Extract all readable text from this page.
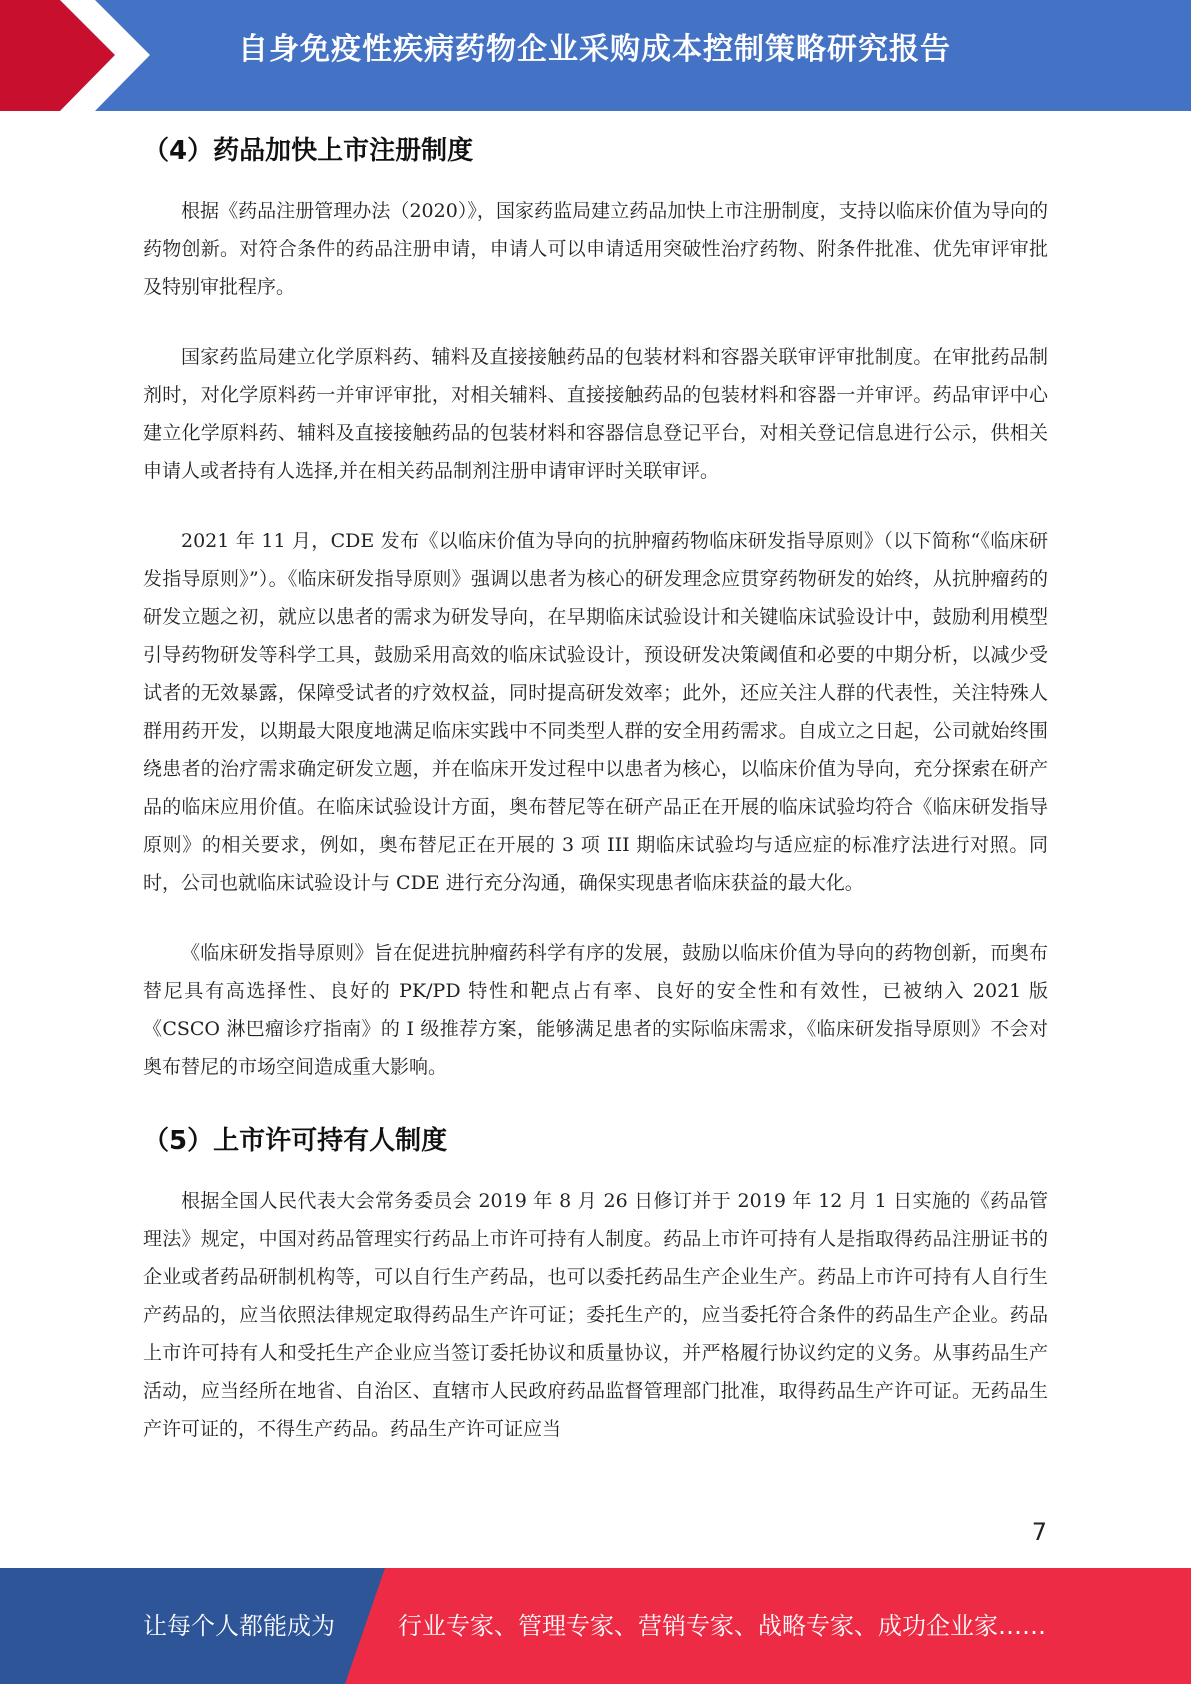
自身免疫性疾病药物企业采购成本控制策略研究报告
（4）药品加快上市注册制度

根据《药品注册管理办法（2020）》，国家药监局建立药品加快上市注册制度，支持以临床价值为导向的药物创新。对符合条件的药品注册申请，申请人可以申请适用突破性治疗药物、附条件批准、优先审评审批及特别审批程序。

国家药监局建立化学原料药、辅料及直接接触药品的包装材料和容器关联审评审批制度。在审批药品制剂时，对化学原料药一并审评审批，对相关辅料、直接接触药品的包装材料和容器一并审评。药品审评中心建立化学原料药、辅料及直接接触药品的包装材料和容器信息登记平台，对相关登记信息进行公示，供相关申请人或者持有人选择,并在相关药品制剂注册申请审评时关联审评。

2021 年 11 月，CDE 发布《以临床价值为导向的抗肿瘤药物临床研发指导原则》（以下简称“《临床研发指导原则》”）。《临床研发指导原则》强调以患者为核心的研发理念应贯穿药物研发的始终，从抗肿瘤药的研发立题之初，就应以患者的需求为研发导向，在早期临床试验设计和关键临床试验设计中，鼓励利用模型引导药物研发等科学工具，鼓励采用高效的临床试验设计，预设研发决策阈值和必要的中期分析，以减少受试者的无效暴露，保障受试者的疗效权益，同时提高研发效率；此外，还应关注人群的代表性，关注特殊人群用药开发，以期最大限度地满足临床实践中不同类型人群的安全用药需求。自成立之日起，公司就始终围绕患者的治疗需求确定研发立题，并在临床开发过程中以患者为核心，以临床价值为导向，充分探索在研产品的临床应用价值。在临床试验设计方面，奥布替尼等在研产品正在开展的临床试验均符合《临床研发指导原则》的相关要求，例如，奥布替尼正在开展的 3 项 III 期临床试验均与适应症的标准疗法进行对照。同时，公司也就临床试验设计与 CDE 进行充分沟通，确保实现患者临床获益的最大化。

《临床研发指导原则》旨在促进抗肿瘤药科学有序的发展，鼓励以临床价值为导向的药物创新，而奥布替尼具有高选择性、良好的 PK/PD 特性和靶点占有率、良好的安全性和有效性，已被纳入 2021 版《CSCO 淋巴瘤诊疗指南》的 I 级推荐方案，能够满足患者的实际临床需求，《临床研发指导原则》不会对奥布替尼的市场空间造成重大影响。

（5）上市许可持有人制度

根据全国人民代表大会常务委员会 2019 年 8 月 26 日修订并于 2019 年 12 月 1 日实施的《药品管理法》规定，中国对药品管理实行药品上市许可持有人制度。药品上市许可持有人是指取得药品注册证书的企业或者药品研制机构等，可以自行生产药品，也可以委托药品生产企业生产。药品上市许可持有人自行生产药品的，应当依照法律规定取得药品生产许可证；委托生产的，应当委托符合条件的药品生产企业。药品上市许可持有人和受托生产企业应当签订委托协议和质量协议，并严格履行协议约定的义务。从事药品生产活动，应当经所在地省、自治区、直辖市人民政府药品监督管理部门批准，取得药品生产许可证。无药品生产许可证的，不得生产药品。药品生产许可证应当

7
让每个人都能成为	行业专家、管理专家、营销专家、战略专家、成功企业家……
